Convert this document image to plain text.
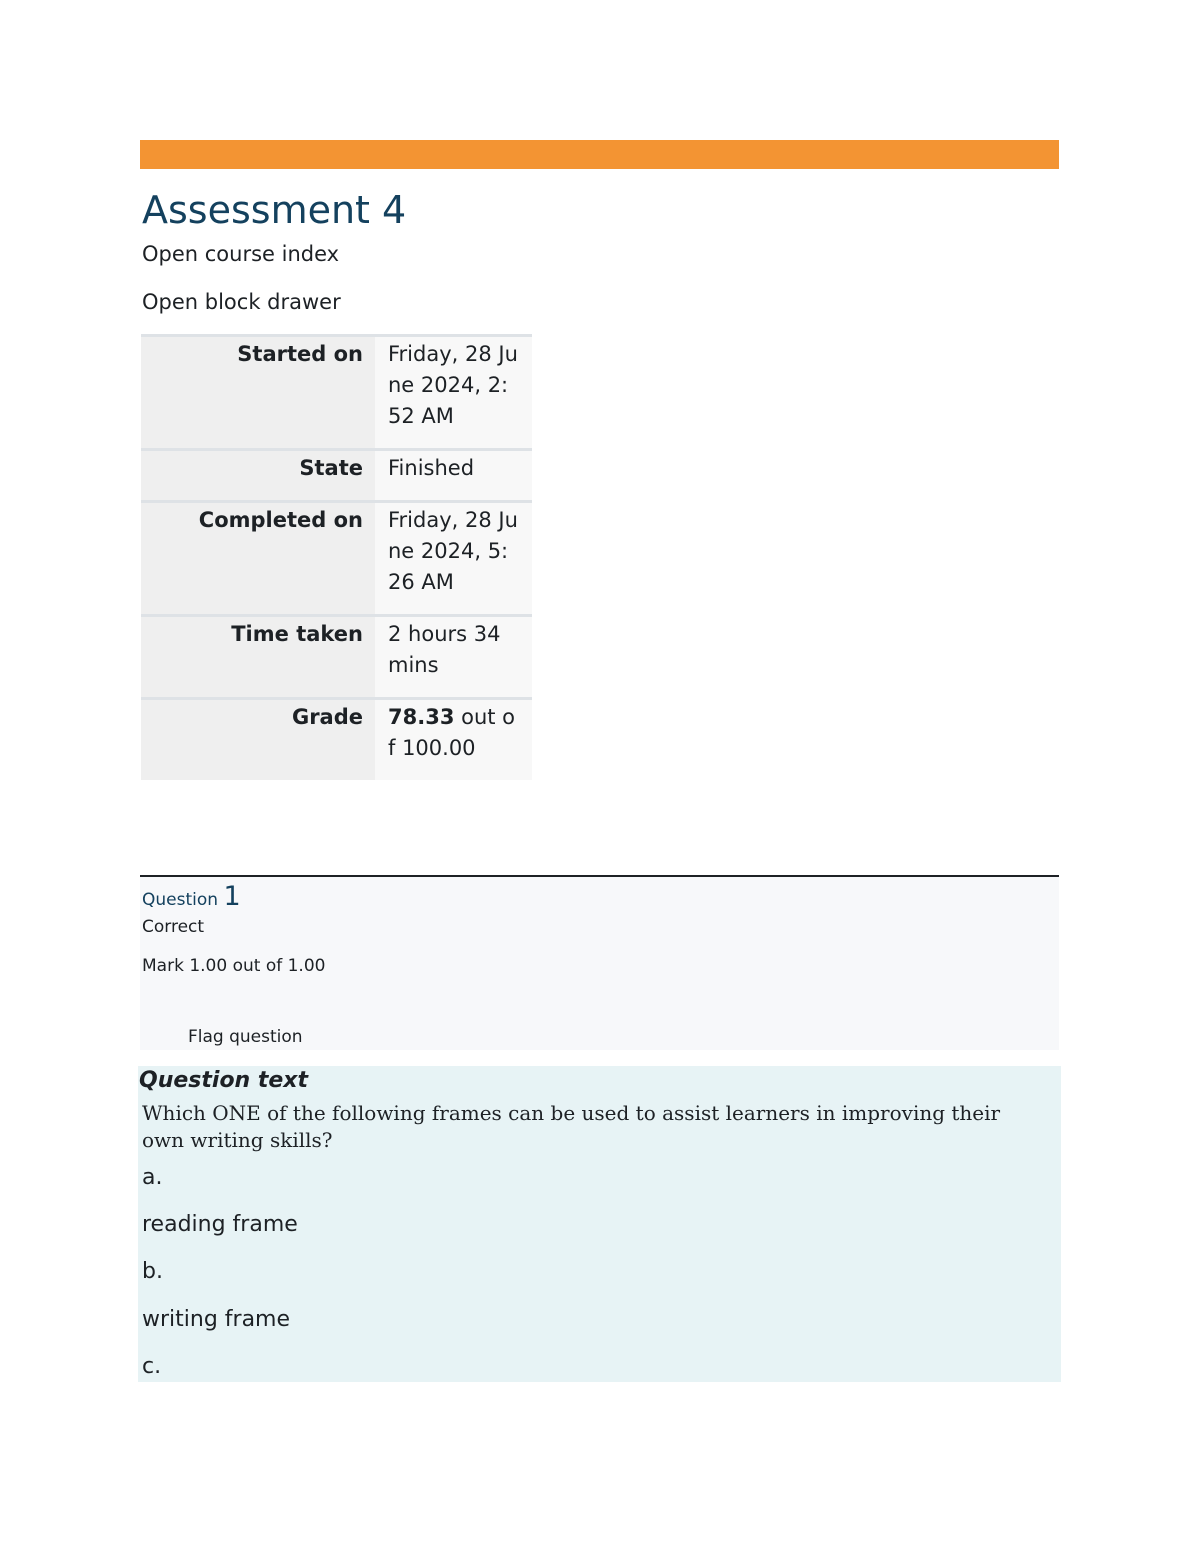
Assessment 4
Open course index
Open block drawer
Started on	Friday, 28 June 2024, 2:52 AM
State	Finished
Completed on	Friday, 28 June 2024, 5:26 AM
Time taken	2 hours 34 mins
Grade	78.33 out of 100.00
Question 1
Correct
Mark 1.00 out of 1.00
Flag question
Question text
Which ONE of the following frames can be used to assist learners in improving their own writing skills?
a.
reading frame
b.
writing frame
c.
